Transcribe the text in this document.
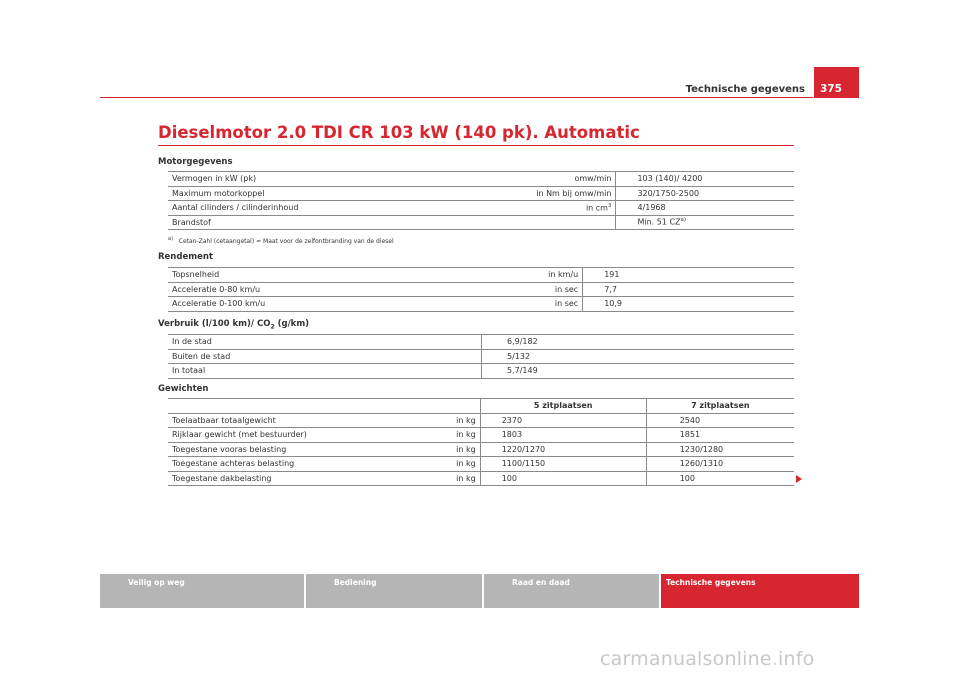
375
Technische gegevens
Dieselmotor 2.0 TDI CR 103 kW (140 pk). Automatic
Motorgegevens
Vermogen in kW (pk)	omw/min	103 (140)/ 4200
Maximum motorkoppel	in Nm bij omw/min	320/1750-2500
Aantal cilinders / cilinderinhoud	in $cm^3$	4/1968
Brandstof		Min. 51 CZ$^{a)}$
$^{a)}$ Cetan-Zahl (cetaangetal) = Maat voor de zelfontbranding van de diesel
Rendement
Topsnelheid	in km/u	191
Acceleratie 0-80 km/u	in sec	7,7
Acceleratie 0-100 km/u	in sec	10,9
Verbruik (l/100 km)/ $CO_2$ (g/km)
In de stad	6,9/182
Buiten de stad	5/132
In totaal	5,7/149
Gewichten
		5 zitplaatsen	7 zitplaatsen
Toelaatbaar totaalgewicht	in kg	2370	2540
Rijklaar gewicht (met bestuurder)	in kg	1803	1851
Toegestane vooras belasting	in kg	1220/1270	1230/1280
Toegestane achteras belasting	in kg	1100/1150	1260/1310
Toegestane dakbelasting	in kg	100	100
Veilig op weg	Bediening	Raad en daad	Technische gegevens
carmanualsonline.info
